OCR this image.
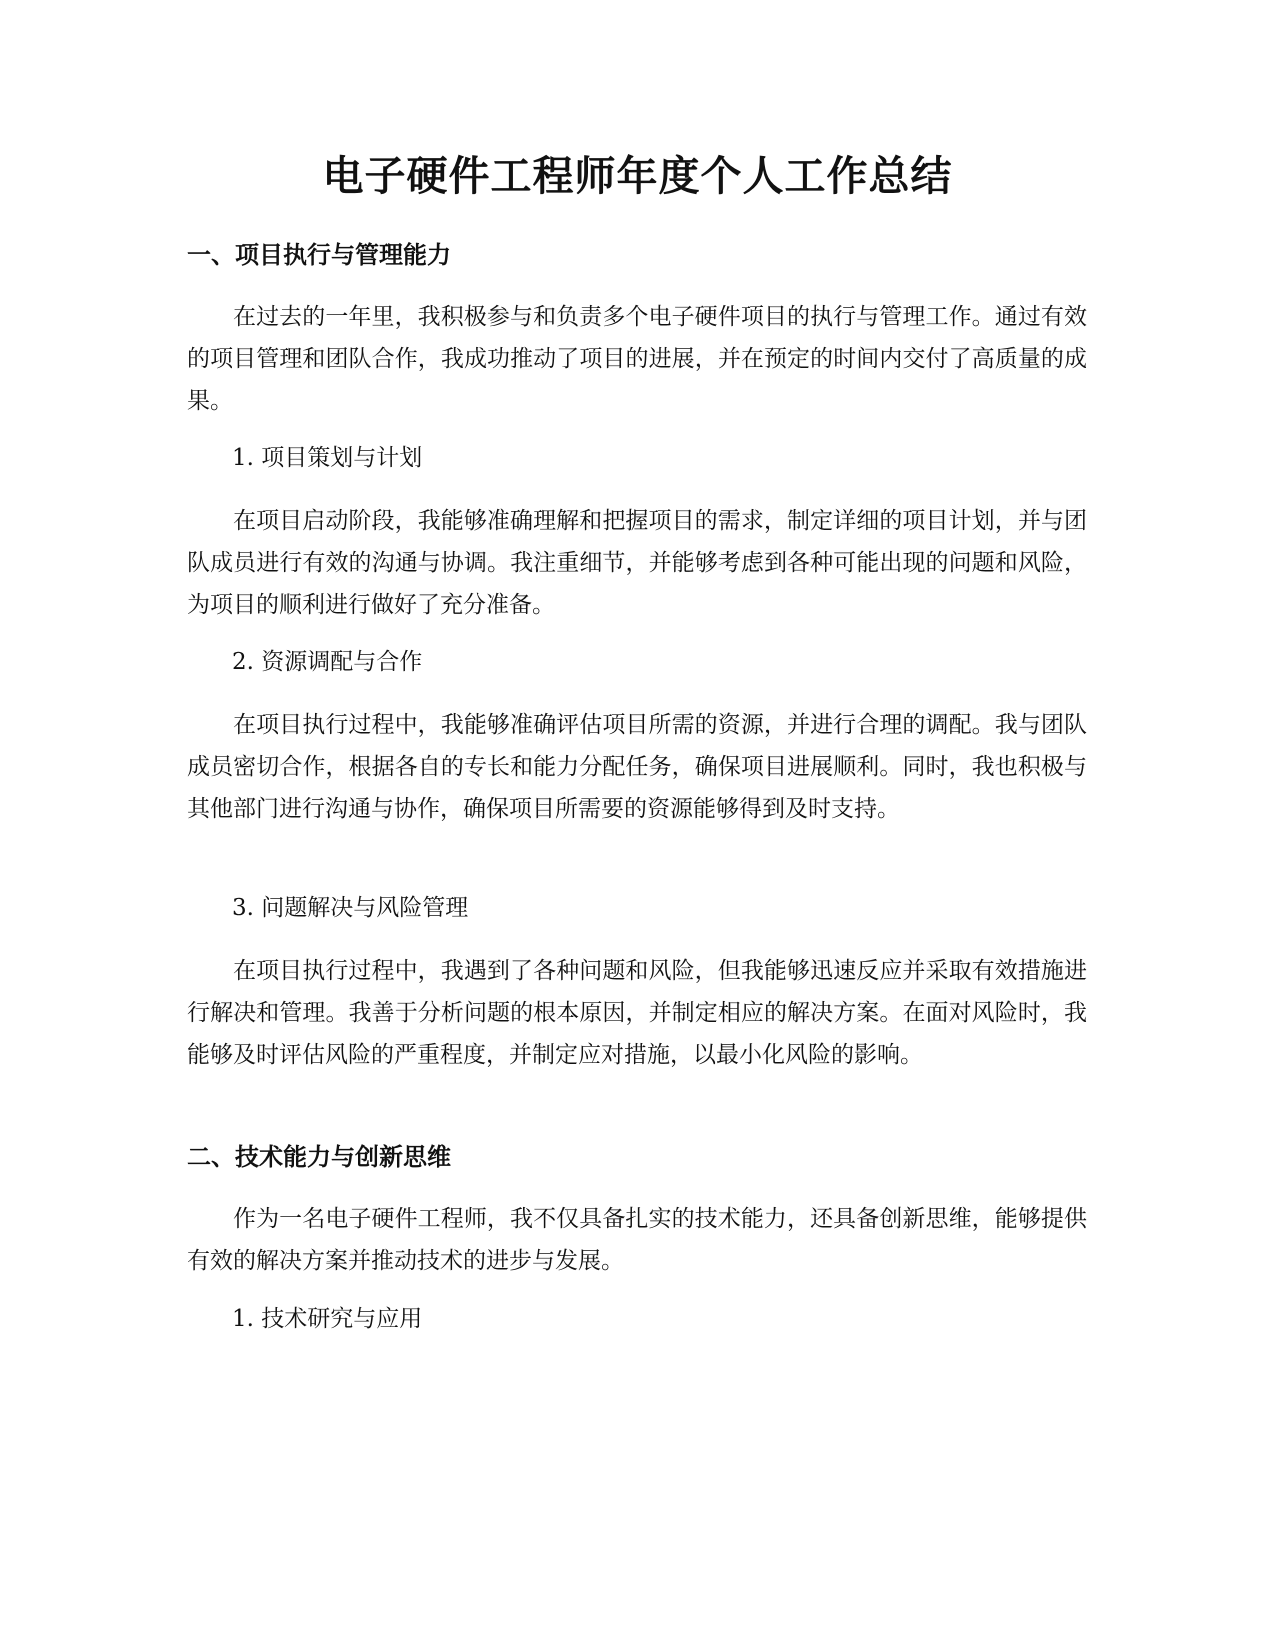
电子硬件工程师年度个人工作总结
一、项目执行与管理能力

在过去的一年里，我积极参与和负责多个电子硬件项目的执行与管理工作。通过有效的项目管理和团队合作，我成功推动了项目的进展，并在预定的时间内交付了高质量的成果。

1. 项目策划与计划

在项目启动阶段，我能够准确理解和把握项目的需求，制定详细的项目计划，并与团队成员进行有效的沟通与协调。我注重细节，并能够考虑到各种可能出现的问题和风险，为项目的顺利进行做好了充分准备。

2. 资源调配与合作

在项目执行过程中，我能够准确评估项目所需的资源，并进行合理的调配。我与团队成员密切合作，根据各自的专长和能力分配任务，确保项目进展顺利。同时，我也积极与其他部门进行沟通与协作，确保项目所需要的资源能够得到及时支持。

3. 问题解决与风险管理

在项目执行过程中，我遇到了各种问题和风险，但我能够迅速反应并采取有效措施进行解决和管理。我善于分析问题的根本原因，并制定相应的解决方案。在面对风险时，我能够及时评估风险的严重程度，并制定应对措施，以最小化风险的影响。

二、技术能力与创新思维

作为一名电子硬件工程师，我不仅具备扎实的技术能力，还具备创新思维，能够提供有效的解决方案并推动技术的进步与发展。

1. 技术研究与应用
